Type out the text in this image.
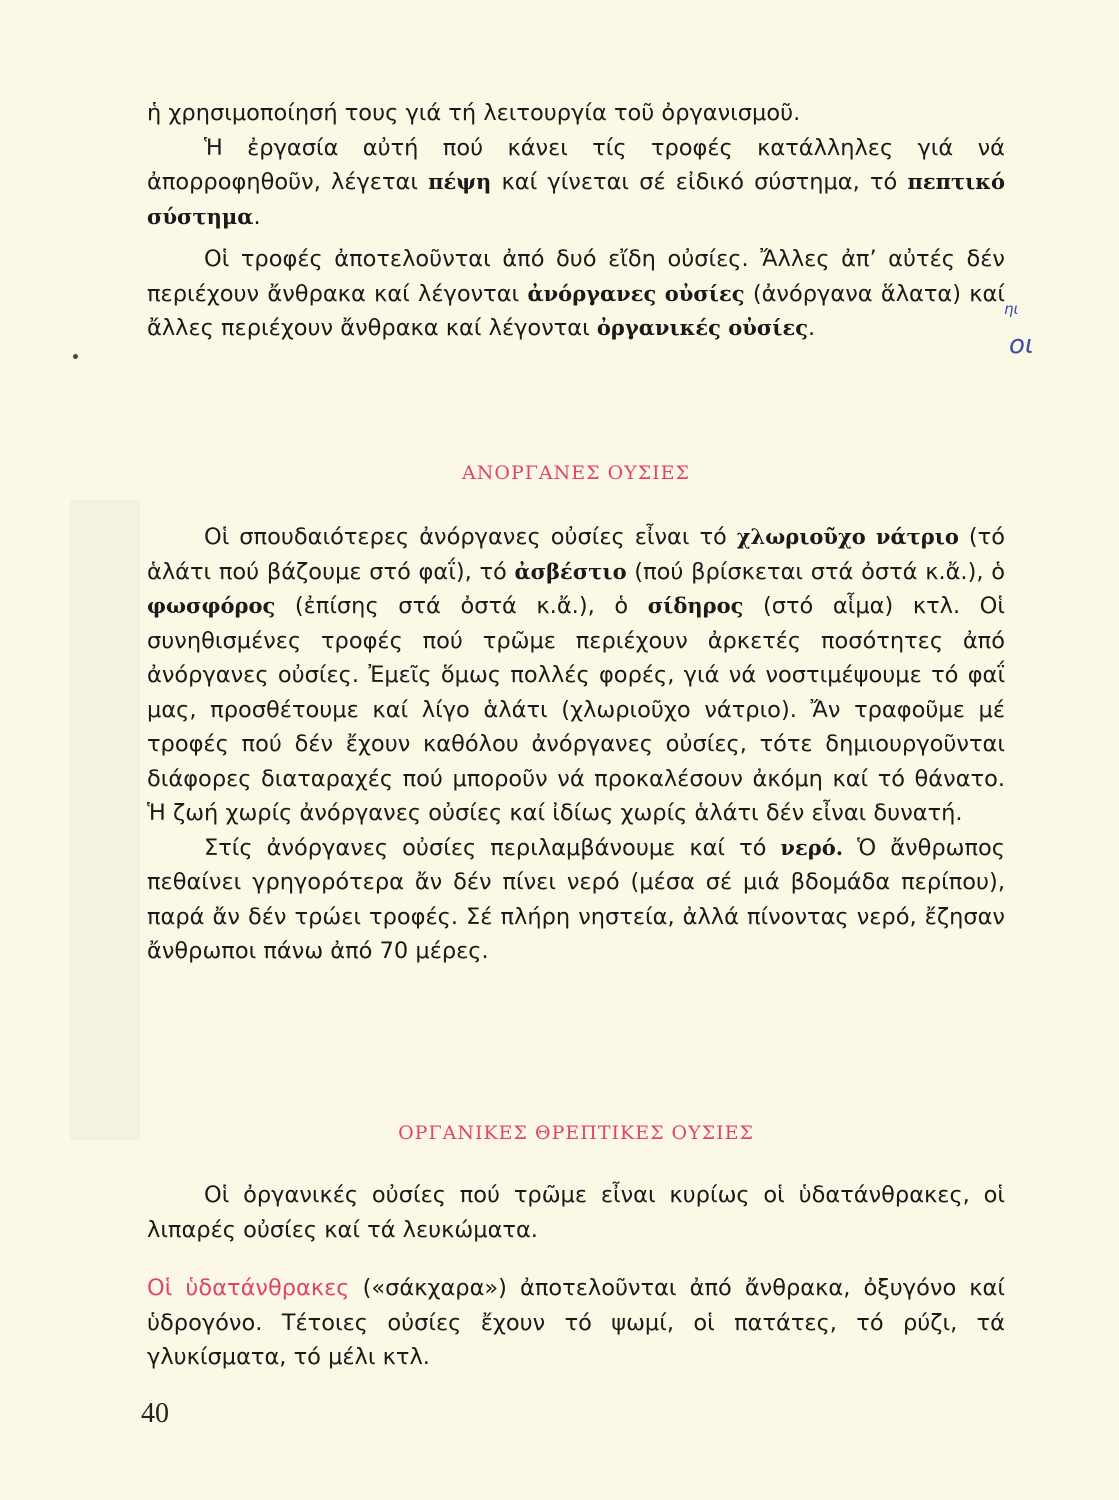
ἡ χρησιμοποίησή τους γιά τή λειτουργία τοῦ ὀργανισμοῦ.

Ἡ ἐργασία αὐτή πού κάνει τίς τροφές κατάλληλες γιά νά ἀπορροφηθοῦν, λέγεται πέψη καί γίνεται σέ εἰδικό σύστημα, τό πεπτικό σύστημα.

Οἱ τροφές ἀποτελοῦνται ἀπό δυό εἴδη οὐσίες. Ἄλλες ἀπ’ αὐτές δέν περιέχουν ἄνθρακα καί λέγονται ἀνόργανες οὐσίες (ἀνόργανα ἅλατα) καί ἄλλες περιέχουν ἄνθρακα καί λέγονται ὀργανικές οὐσίες.

ηι
οι
ΑΝΟΡΓΑΝΕΣ ΟΥΣΙΕΣ

Οἱ σπουδαιότερες ἀνόργανες οὐσίες εἶναι τό χλωριοῦχο νάτριο (τό ἁλάτι πού βάζουμε στό φαΐ), τό ἀσβέστιο (πού βρίσκεται στά ὀστά κ.ἄ.), ὁ φωσφόρος (ἐπίσης στά ὀστά κ.ἄ.), ὁ σίδηρος (στό αἷμα) κτλ. Οἱ συνηθισμένες τροφές πού τρῶμε περιέχουν ἀρκετές ποσότητες ἀπό ἀνόργανες οὐσίες. Ἐμεῖς ὅμως πολλές φορές, γιά νά νοστιμέψουμε τό φαΐ μας, προσθέτουμε καί λίγο ἁλάτι (χλωριοῦχο νάτριο). Ἄν τραφοῦμε μέ τροφές πού δέν ἔχουν καθόλου ἀνόργανες οὐσίες, τότε δημιουργοῦνται διάφορες διαταραχές πού μποροῦν νά προκαλέσουν ἀκόμη καί τό θάνατο. Ἡ ζωή χωρίς ἀνόργανες οὐσίες καί ἰδίως χωρίς ἁλάτι δέν εἶναι δυνατή.

Στίς ἀνόργανες οὐσίες περιλαμβάνουμε καί τό νερό. Ὁ ἄνθρωπος πεθαίνει γρηγορότερα ἄν δέν πίνει νερό (μέσα σέ μιά βδομάδα περίπου), παρά ἄν δέν τρώει τροφές. Σέ πλήρη νηστεία, ἀλλά πίνοντας νερό, ἔζησαν ἄνθρωποι πάνω ἀπό 70 μέρες.

ΟΡΓΑΝΙΚΕΣ ΘΡΕΠΤΙΚΕΣ ΟΥΣΙΕΣ

Οἱ ὀργανικές οὐσίες πού τρῶμε εἶναι κυρίως οἱ ὑδατάνθρακες, οἱ λιπαρές οὐσίες καί τά λευκώματα.

Οἱ ὑδατάνθρακες («σάκχαρα») ἀποτελοῦνται ἀπό ἄνθρακα, ὀξυγόνο καί ὑδρογόνο. Τέτοιες οὐσίες ἔχουν τό ψωμί, οἱ πατάτες, τό ρύζι, τά γλυκίσματα, τό μέλι κτλ.

40
